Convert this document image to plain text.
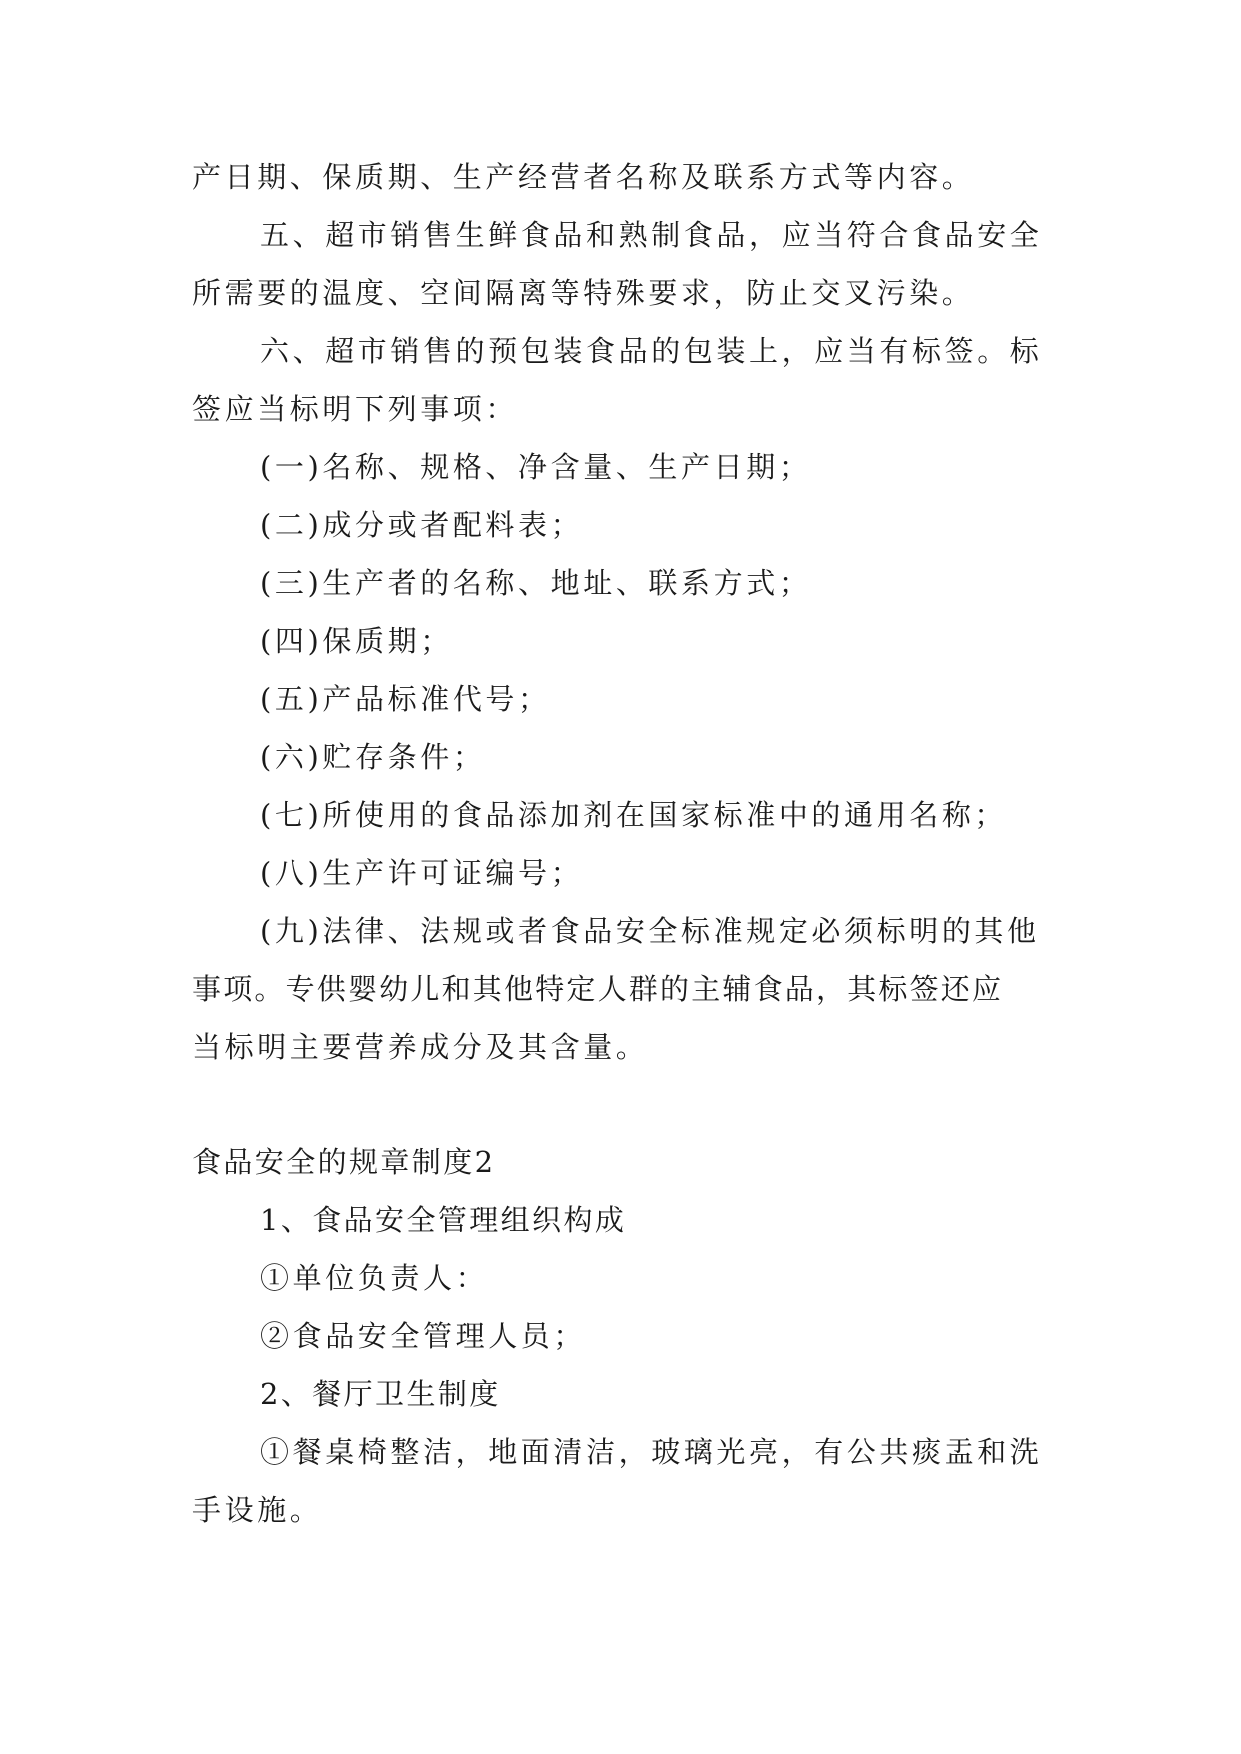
产日期、保质期、生产经营者名称及联系方式等内容。
五、超市销售生鲜食品和熟制食品，应当符合食品安全
所需要的温度、空间隔离等特殊要求，防止交叉污染。
六、超市销售的预包装食品的包装上，应当有标签。标
签应当标明下列事项：
(一)名称、规格、净含量、生产日期；
(二)成分或者配料表；
(三)生产者的名称、地址、联系方式；
(四)保质期；
(五)产品标准代号；
(六)贮存条件；
(七)所使用的食品添加剂在国家标准中的通用名称；
(八)生产许可证编号；
(九)法律、法规或者食品安全标准规定必须标明的其他
事项。专供婴幼儿和其他特定人群的主辅食品，其标签还应
当标明主要营养成分及其含量。
食品安全的规章制度2
1、食品安全管理组织构成
①单位负责人：
②食品安全管理人员；
2、餐厅卫生制度
①餐桌椅整洁，地面清洁，玻璃光亮，有公共痰盂和洗
手设施。
